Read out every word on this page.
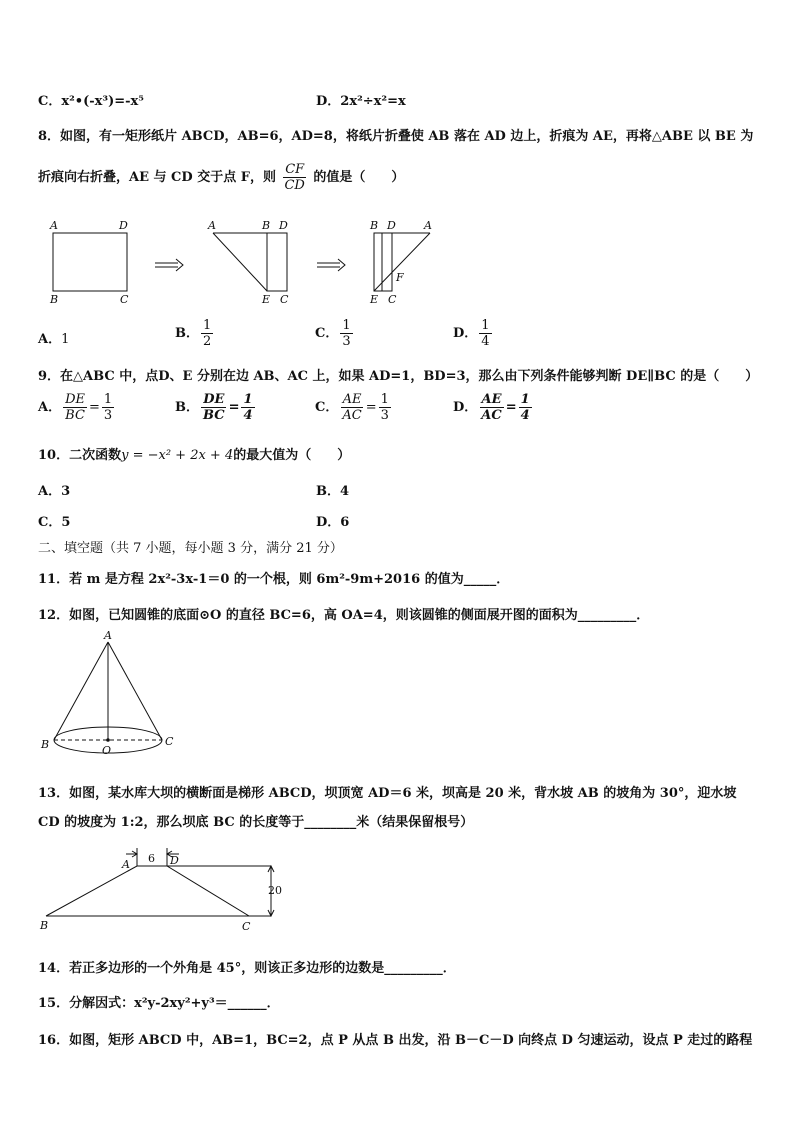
C．x²•(-x³)=-x⁵	D．2x²÷x²=x
8．如图，有一矩形纸片 ABCD，AB=6，AD=8，将纸片折叠使 AB 落在 AD 边上，折痕为 AE，再将△ABE 以 BE 为
折痕向右折叠，AE 与 CD 交于点 F，则 $\frac{CF}{CD}$ 的值是（　　）
A	D
B	C
A	B D
E C
B D	A
F
E C
A．1	B． $\frac{1}{2}$	C． $\frac{1}{3}$	D． $\frac{1}{4}$
9．在△ABC 中，点D、E 分别在边 AB、AC 上，如果 AD=1，BD=3，那么由下列条件能够判断 DE∥BC 的是（　　）
A． $\frac{DE}{BC} = \frac{1}{3}$	B． $\frac{DE}{BC} = \frac{1}{4}$	C． $\frac{AE}{AC} = \frac{1}{3}$	D． $\frac{AE}{AC} = \frac{1}{4}$
10．二次函数y = −x² + 2x + 4的最大值为（　　）
A．3	B．4
C．5	D．6
二、填空题（共 7 小题，每小题 3 分，满分 21 分）
11．若 m 是方程 2x²-3x-1＝0 的一个根，则 6m²-9m+2016 的值为_____．
12．如图，已知圆锥的底面⊙O 的直径 BC=6，高 OA=4，则该圆锥的侧面展开图的面积为_________．
A
B	C
O
13．如图，某水库大坝的横断面是梯形 ABCD，坝顶宽 AD＝6 米，坝高是 20 米，背水坡 AB 的坡角为 30°，迎水坡
CD 的坡度为 1:2，那么坝底 BC 的长度等于________米（结果保留根号）
6
20
A	D
B	C
14．若正多边形的一个外角是 45°，则该正多边形的边数是_________．
15．分解因式：x²y-2xy²+y³＝______．
16．如图，矩形 ABCD 中，AB=1，BC=2，点 P 从点 B 出发，沿 B－C－D 向终点 D 匀速运动，设点 P 走过的路程
